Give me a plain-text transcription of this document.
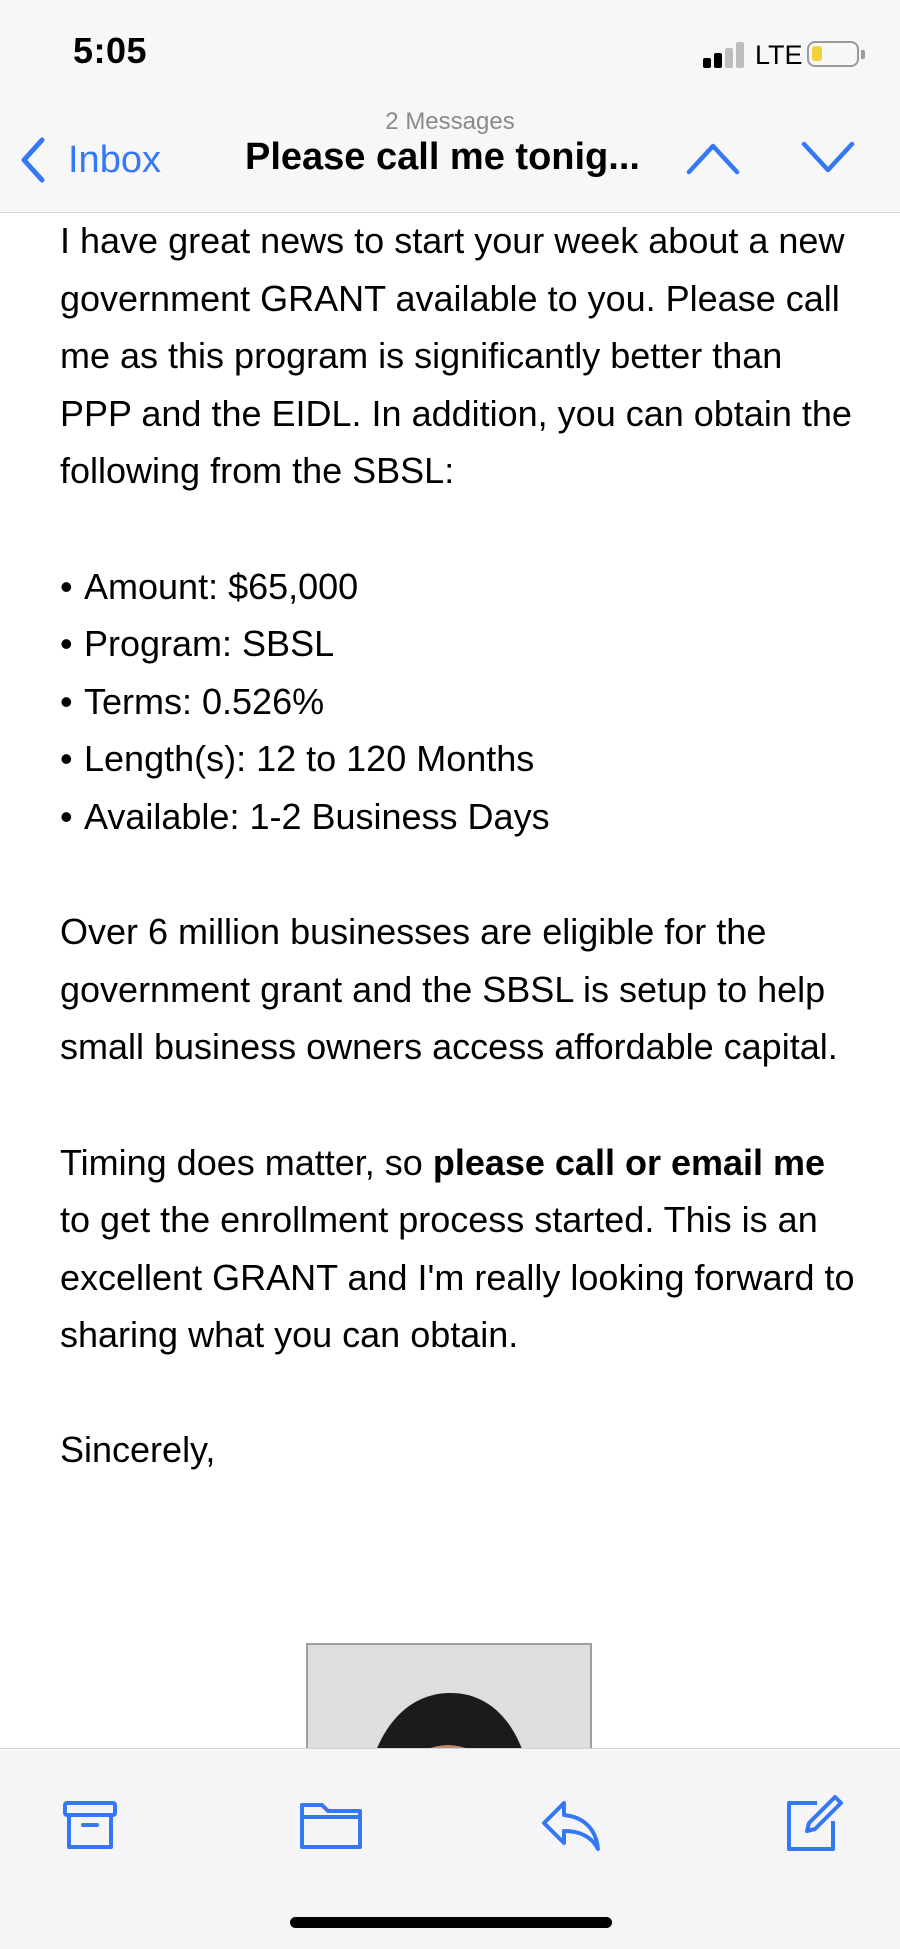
5:05	LTE
2 Messages
Inbox Please call me tonig...

I have great news to start your week about a new government GRANT available to you. Please call me as this program is significantly better than PPP and the EIDL. In addition, you can obtain the following from the SBSL:

• Amount: $65,000
• Program: SBSL
• Terms: 0.526%
• Length(s): 12 to 120 Months
• Available: 1-2 Business Days

Over 6 million businesses are eligible for the government grant and the SBSL is setup to help small business owners access affordable capital.

Timing does matter, so please call or email me to get the enrollment process started. This is an excellent GRANT and I'm really looking forward to sharing what you can obtain.

Sincerely,
